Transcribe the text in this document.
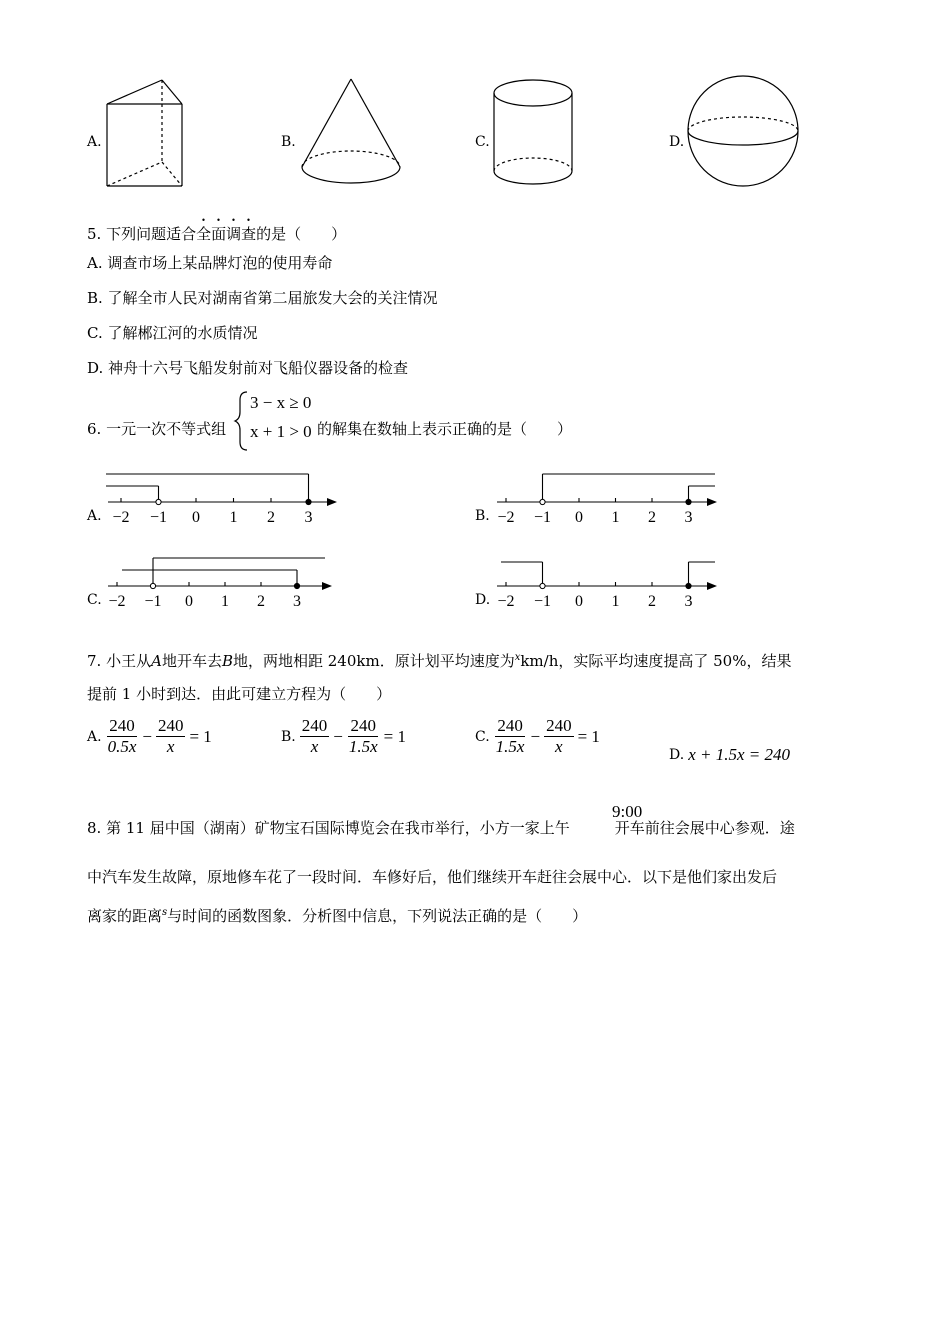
A.	B.	C.	D.
5. 下列问题适合全面调查的是（　　）
A. 调查市场上某品牌灯泡的使用寿命
B. 了解全市人民对湖南省第二届旅发大会的关注情况
C. 了解郴江河的水质情况
D. 神舟十六号飞船发射前对飞船仪器设备的检查
6. 一元一次不等式组
3 − x ≥ 0
x + 1 > 0 的解集在数轴上表示正确的是（　　）
A. −2 −1 0 1 2 3	B. −2 −1 0 1 2 3
C. −2 −1 0 1 2 3	D. −2 −1 0 1 2 3
7. 小王从A地开车去B地，两地相距 240km．原计划平均速度为$^x$km/h，实际平均速度提高了 50%，结果
提前 1 小时到达．由此可建立方程为（　　）
A. $\frac{240}{0.5x} - \frac{240}{x} = 1$	B. $\frac{240}{x} - \frac{240}{1.5x} = 1$	C. $\frac{240}{1.5x} - \frac{240}{x} = 1$
D. x + 1.5x = 240
9:00
8. 第 11 届中国（湖南）矿物宝石国际博览会在我市举行，小方一家上午	开车前往会展中心参观．途
中汽车发生故障，原地修车花了一段时间．车修好后，他们继续开车赶往会展中心．以下是他们家出发后
离家的距离$^s$与时间的函数图象．分析图中信息，下列说法正确的是（　　）
